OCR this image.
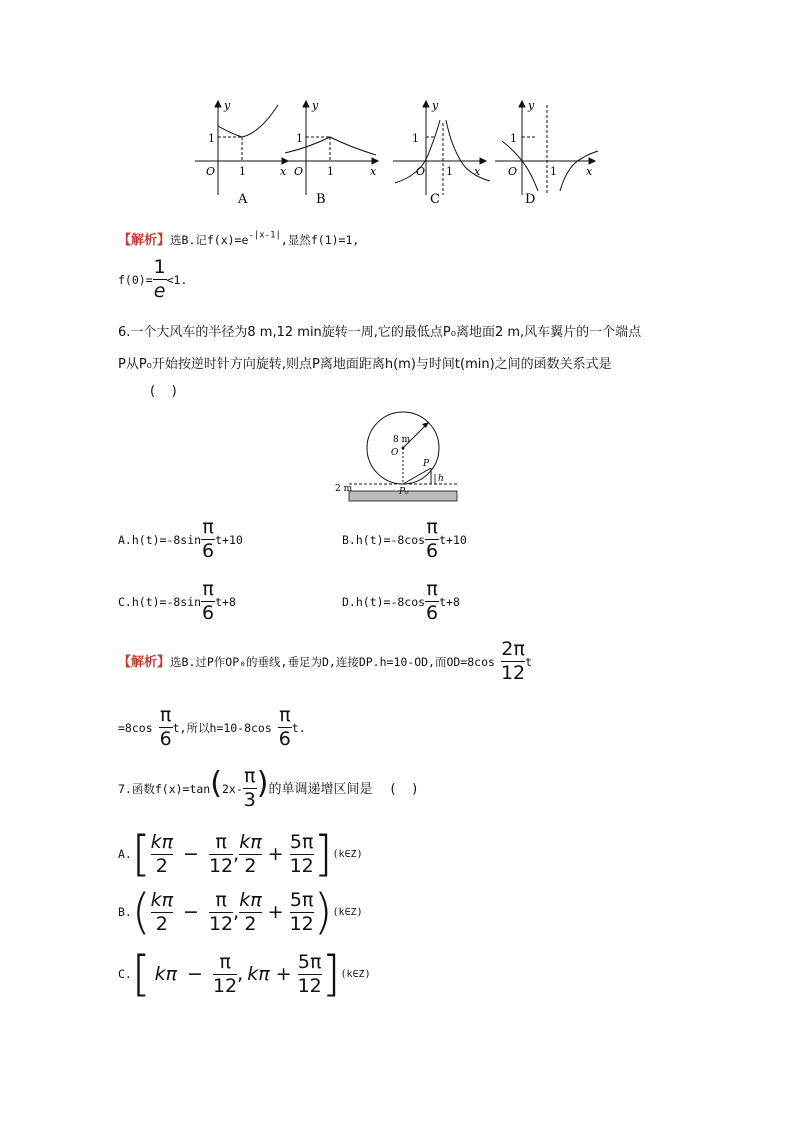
y
x
O
1
1
A
y
x
O
1
1
B
y
x
O
1
1
C
y
x
O
1
1
D
【解析】选B.记$f(x)=e^{-|x-1|}$,显然f(1)=1,
$f(0)= \frac{1}{e} <1$.
6.一个大风车的半径为8 m,12 min旋转一周,它的最低点P₀离地面2 m,风车翼片的一个端点
P从P₀开始按逆时针方向旋转,则点P离地面距离h(m)与时间t(min)之间的函数关系式是
(    )
8 m
O
P
h
2 m	P₀
$A.h(t)=-8\sin \frac{\pi}{6} t+10$	$B.h(t)=-8\cos \frac{\pi}{6} t+10$
$C.h(t)=-8\sin \frac{\pi}{6} t+8$	$D.h(t)=-8\cos \frac{\pi}{6} t+8$
【解析】选B.过P作OP₀的垂线,垂足为D,连接DP.h=10-OD,而$OD=8\cos \frac{2\pi}{12}$ t
$=8\cos \frac{\pi}{6} t$,所以$h=10-8\cos \frac{\pi}{6} t$.
7.函数$f(x)=\tan(2x- \frac{\pi}{3}$ )的单调递增区间是 (    )
A. [ $\frac{k\pi}{2} - \frac{\pi}{12}$ , $\frac{k\pi}{2} + \frac{5\pi}{12}$ ] (k∈Z)
B. ( $\frac{k\pi}{2} - \frac{\pi}{12}$ , $\frac{k\pi}{2} + \frac{5\pi}{12}$ ) (k∈Z)
C. [ $k\pi - \frac{\pi}{12}$ , $k\pi + \frac{5\pi}{12}$ ] (k∈Z)
